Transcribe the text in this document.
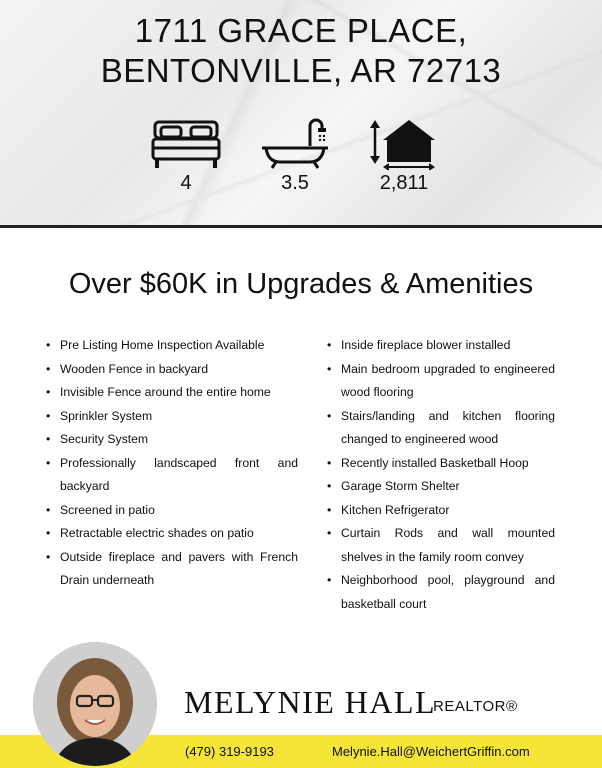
1711 GRACE PLACE,
BENTONVILLE, AR 72713
4	3.5	2,811
Over $60K in Upgrades & Amenities
• Pre Listing Home Inspection Available
• Wooden Fence in backyard
• Invisible Fence around the entire home
• Sprinkler System
• Security System
• Professionally landscaped front and backyard
• Screened in patio
• Retractable electric shades on patio
• Outside fireplace and pavers with French Drain underneath
• Inside fireplace blower installed
• Main bedroom upgraded to engineered wood flooring
• Stairs/landing and kitchen flooring changed to engineered wood
• Recently installed Basketball Hoop
• Garage Storm Shelter
• Kitchen Refrigerator
• Curtain Rods and wall mounted shelves in the family room convey
• Neighborhood pool, playground and basketball court
MELYNIE HALL
REALTOR®
(479) 319-9193	Melynie.Hall@WeichertGriffin.com
